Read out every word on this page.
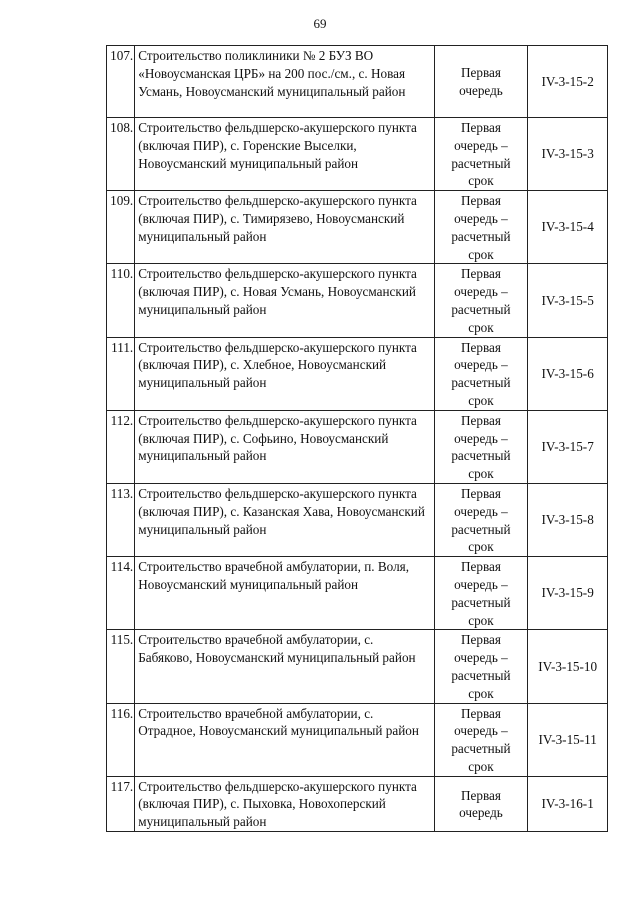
69
107.	Строительство поликлиники № 2 БУЗ ВО «Новоусманская ЦРБ» на 200 пос./см., с. Новая Усмань, Новоусманский муниципальный район	Первая очередь	IV-3-15-2
108.	Строительство фельдшерско-акушерского пункта (включая ПИР), с. Горенские Выселки, Новоусманский муниципальный район	Первая очередь – расчетный срок	IV-3-15-3
109.	Строительство фельдшерско-акушерского пункта (включая ПИР), с. Тимирязево, Новоусманский муниципальный район	Первая очередь – расчетный срок	IV-3-15-4
110.	Строительство фельдшерско-акушерского пункта (включая ПИР), с. Новая Усмань, Новоусманский муниципальный район	Первая очередь – расчетный срок	IV-3-15-5
111.	Строительство фельдшерско-акушерского пункта (включая ПИР), с. Хлебное, Новоусманский муниципальный район	Первая очередь – расчетный срок	IV-3-15-6
112.	Строительство фельдшерско-акушерского пункта (включая ПИР), с. Софьино, Новоусманский муниципальный район	Первая очередь – расчетный срок	IV-3-15-7
113.	Строительство фельдшерско-акушерского пункта (включая ПИР), с. Казанская Хава, Новоусманский муниципальный район	Первая очередь – расчетный срок	IV-3-15-8
114.	Строительство врачебной амбулатории, п. Воля, Новоусманский муниципальный район	Первая очередь – расчетный срок	IV-3-15-9
115.	Строительство врачебной амбулатории, с. Бабяково, Новоусманский муниципальный район	Первая очередь – расчетный срок	IV-3-15-10
116.	Строительство врачебной амбулатории, с. Отрадное, Новоусманский муниципальный район	Первая очередь – расчетный срок	IV-3-15-11
117.	Строительство фельдшерско-акушерского пункта (включая ПИР), с. Пыховка, Новохоперский муниципальный район	Первая очередь	IV-3-16-1
